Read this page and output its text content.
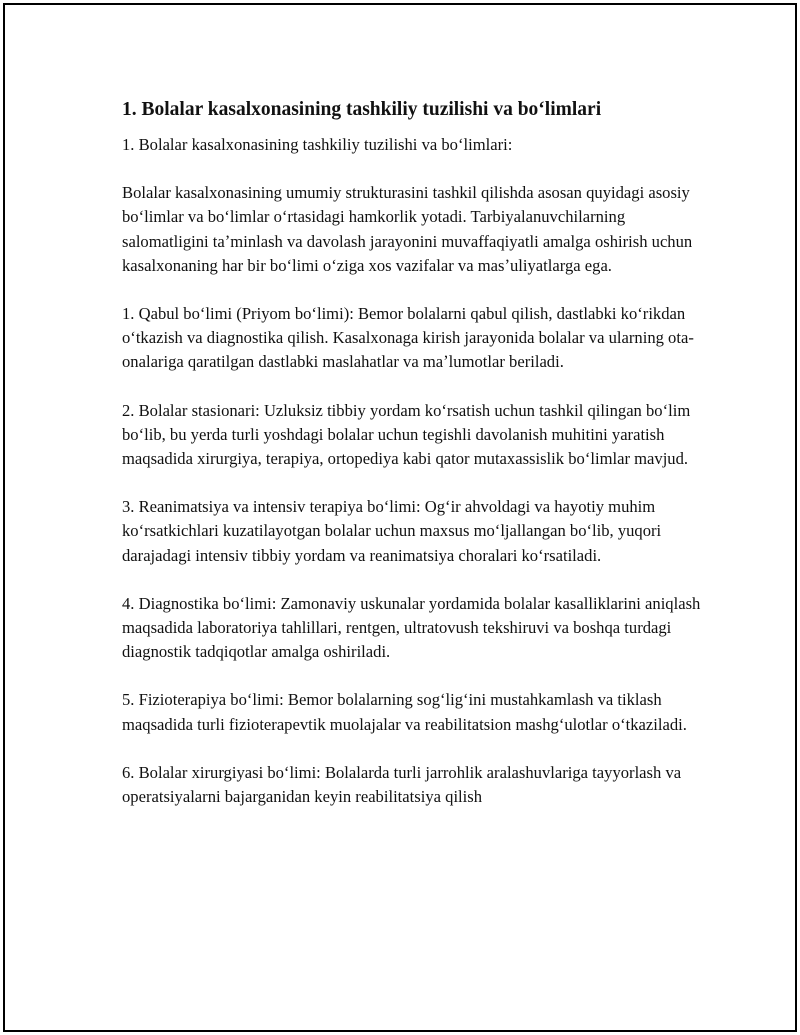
1. Bolalar kasalxonasining tashkiliy tuzilishi va boʻlimlari

1. Bolalar kasalxonasining tashkiliy tuzilishi va boʻlimlari:

Bolalar kasalxonasining umumiy strukturasini tashkil qilishda asosan quyidagi asosiy boʻlimlar va boʻlimlar oʻrtasidagi hamkorlik yotadi. Tarbiyalanuvchilarning salomatligini taʼminlash va davolash jarayonini muvaffaqiyatli amalga oshirish uchun kasalxonaning har bir boʻlimi oʻziga xos vazifalar va masʼuliyatlarga ega.

1. Qabul boʻlimi (Priyom boʻlimi): Bemor bolalarni qabul qilish, dastlabki koʻrikdan oʻtkazish va diagnostika qilish. Kasalxonaga kirish jarayonida bolalar va ularning ota-onalariga qaratilgan dastlabki maslahatlar va maʼlumotlar beriladi.

2. Bolalar stasionari: Uzluksiz tibbiy yordam koʻrsatish uchun tashkil qilingan boʻlim boʻlib, bu yerda turli yoshdagi bolalar uchun tegishli davolanish muhitini yaratish maqsadida xirurgiya, terapiya, ortopediya kabi qator mutaxassislik boʻlimlar mavjud.

3. Reanimatsiya va intensiv terapiya boʻlimi: Ogʻir ahvoldagi va hayotiy muhim koʻrsatkichlari kuzatilayotgan bolalar uchun maxsus moʻljallangan boʻlib, yuqori darajadagi intensiv tibbiy yordam va reanimatsiya choralari koʻrsatiladi.

4. Diagnostika boʻlimi: Zamonaviy uskunalar yordamida bolalar kasalliklarini aniqlash maqsadida laboratoriya tahlillari, rentgen, ultratovush tekshiruvi va boshqa turdagi diagnostik tadqiqotlar amalga oshiriladi.

5. Fizioterapiya boʻlimi: Bemor bolalarning sogʻligʻini mustahkamlash va tiklash maqsadida turli fizioterapevtik muolajalar va reabilitatsion mashgʻulotlar oʻtkaziladi.

6. Bolalar xirurgiyasi boʻlimi: Bolalarda turli jarrohlik aralashuvlariga tayyorlash va operatsiyalarni bajarganidan keyin reabilitatsiya qilish
